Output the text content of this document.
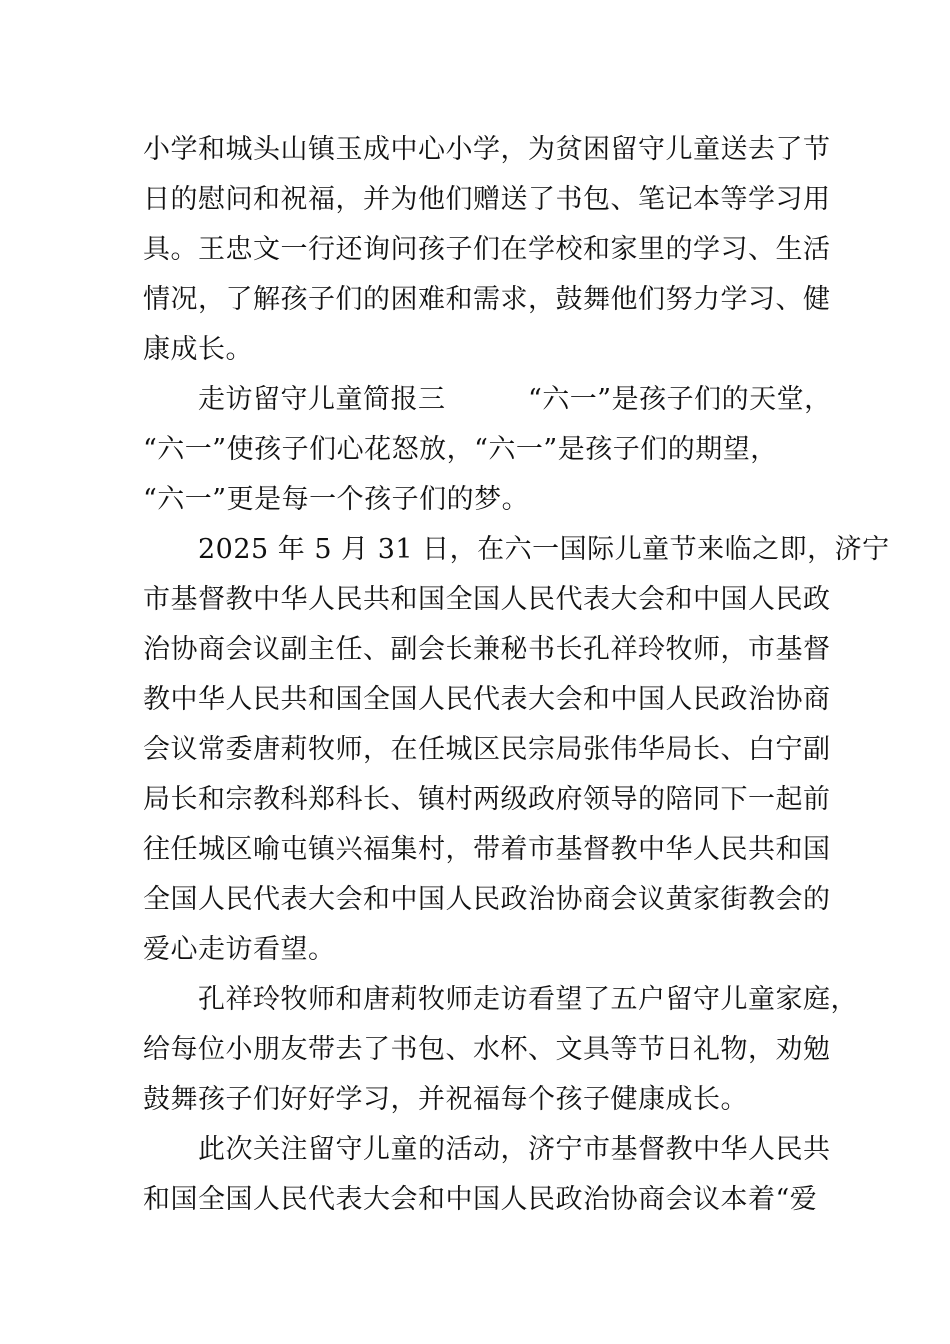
小学和城头山镇玉成中心小学，为贫困留守儿童送去了节
日的慰问和祝福，并为他们赠送了书包、笔记本等学习用
具。王忠文一行还询问孩子们在学校和家里的学习、生活
情况，了解孩子们的困难和需求，鼓舞他们努力学习、健
康成长。
　　走访留守儿童简报三　　　“六一”是孩子们的天堂，
“六一”使孩子们心花怒放，“六一”是孩子们的期望，
“六一”更是每一个孩子们的梦。
　　2025 年 5 月 31 日，在六一国际儿童节来临之即，济宁
市基督教中华人民共和国全国人民代表大会和中国人民政
治协商会议副主任、副会长兼秘书长孔祥玲牧师，市基督
教中华人民共和国全国人民代表大会和中国人民政治协商
会议常委唐莉牧师，在任城区民宗局张伟华局长、白宁副
局长和宗教科郑科长、镇村两级政府领导的陪同下一起前
往任城区喻屯镇兴福集村，带着市基督教中华人民共和国
全国人民代表大会和中国人民政治协商会议黄家街教会的
爱心走访看望。
　　孔祥玲牧师和唐莉牧师走访看望了五户留守儿童家庭，
给每位小朋友带去了书包、水杯、文具等节日礼物，劝勉
鼓舞孩子们好好学习，并祝福每个孩子健康成长。
　　此次关注留守儿童的活动，济宁市基督教中华人民共
和国全国人民代表大会和中国人民政治协商会议本着“爱
